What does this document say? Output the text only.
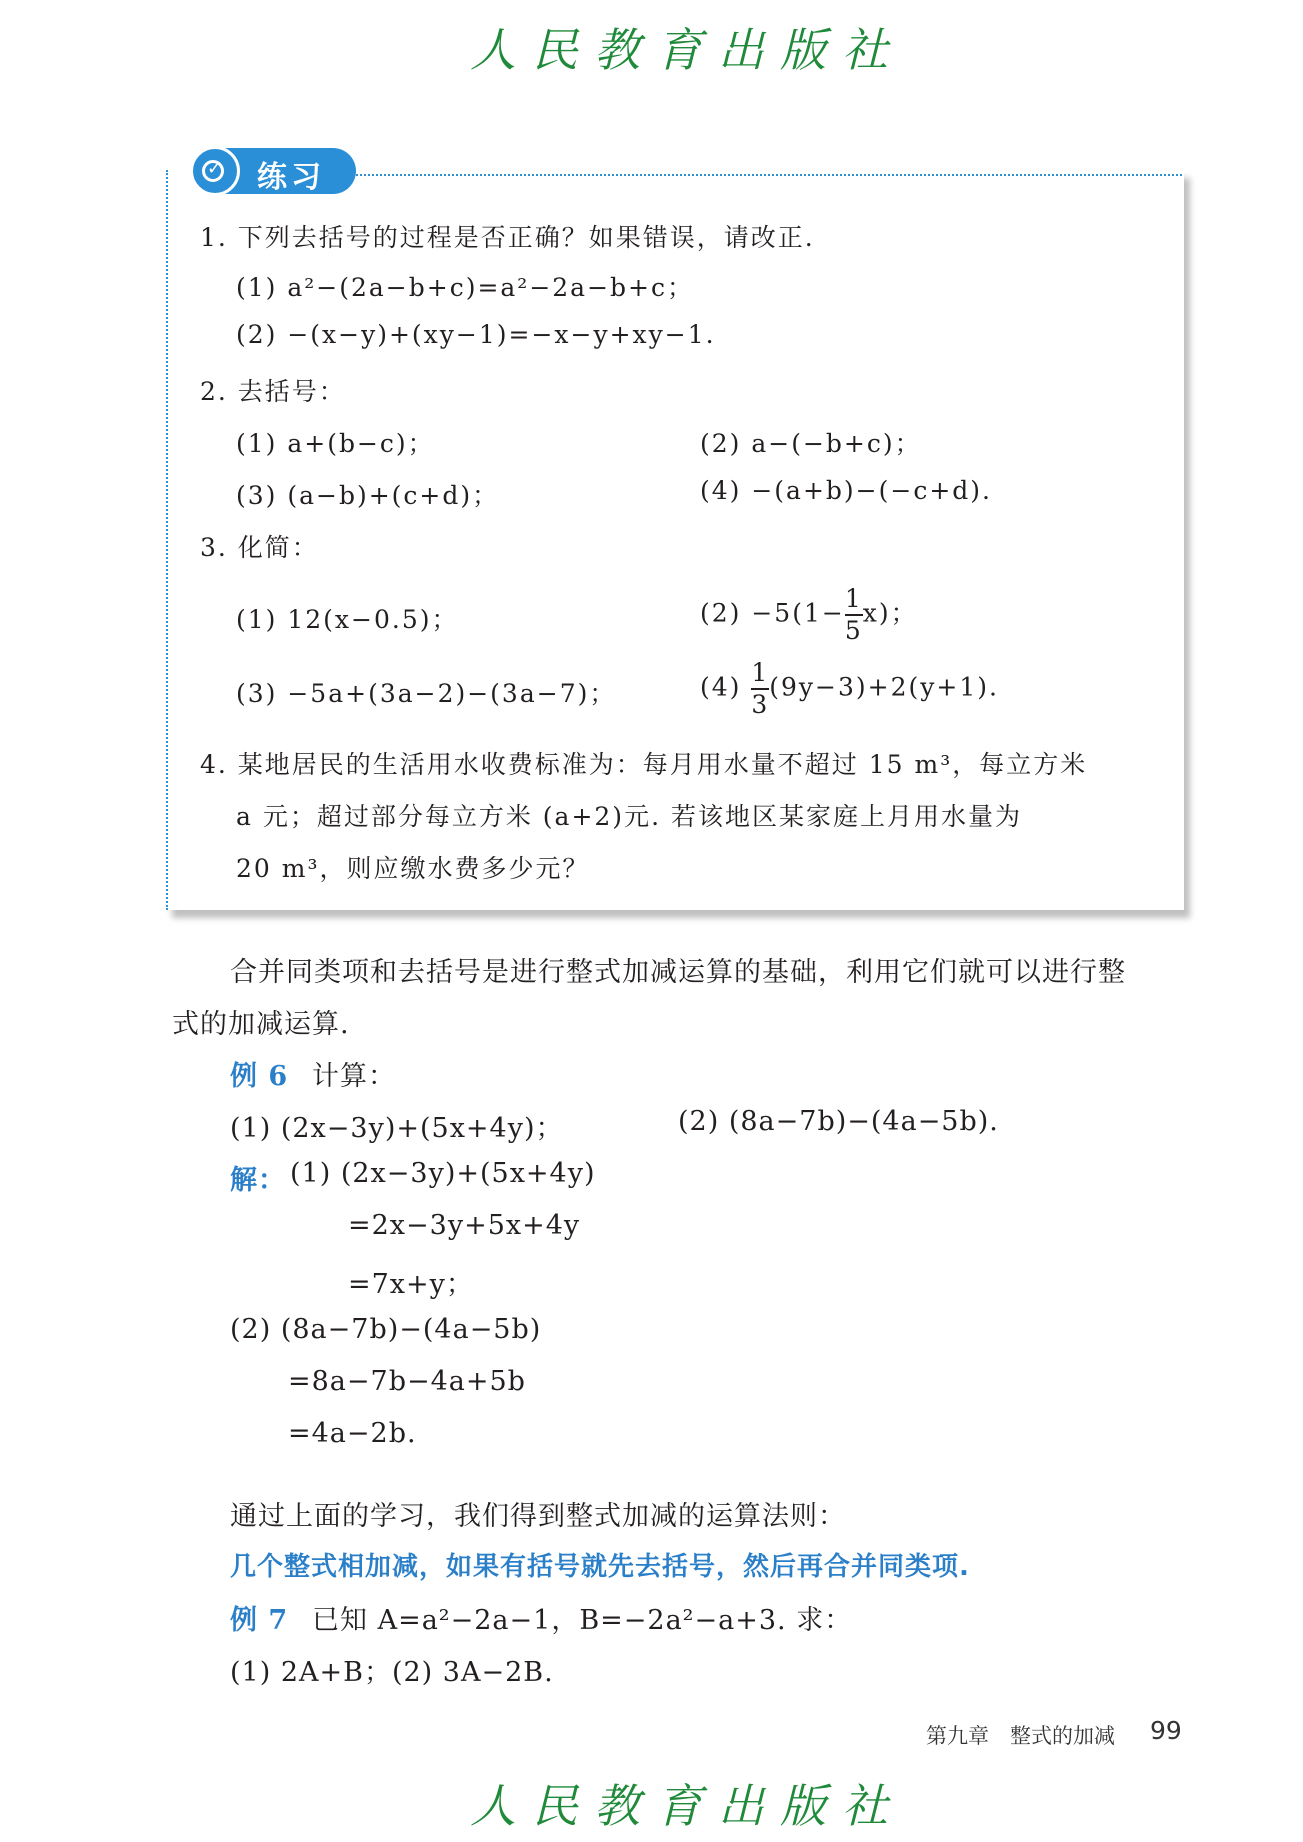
人民教育出版社
✓ 练习
1. 下列去括号的过程是否正确？如果错误，请改正.
(1) a²−(2a−b+c)=a²−2a−b+c；
(2) −(x−y)+(xy−1)=−x−y+xy−1.
2. 去括号：
(1) a+(b−c)；	(2) a−(−b+c)；
(3) (a−b)+(c+d)；	(4) −(a+b)−(−c+d).
3. 化简：
(1) 12(x−0.5)；	$(2) -5(1- \frac{1}{5} x)$；
(3) −5a+(3a−2)−(3a−7)；	$(4) \frac{1}{3} (9y-3)+2(y+1)$.
4. 某地居民的生活用水收费标准为：每月用水量不超过 15 m³，每立方米
a 元；超过部分每立方米 (a+2)元. 若该地区某家庭上月用水量为
20 m³，则应缴水费多少元？
合并同类项和去括号是进行整式加减运算的基础，利用它们就可以进行整
式的加减运算.
例 6 计算：
(1) (2x−3y)+(5x+4y)；	(2) (8a−7b)−(4a−5b).
解： (1) (2x−3y)+(5x+4y)
=2x−3y+5x+4y
=7x+y；
(2) (8a−7b)−(4a−5b)
=8a−7b−4a+5b
=4a−2b.
通过上面的学习，我们得到整式加减的运算法则：
几个整式相加减，如果有括号就先去括号，然后再合并同类项.
例 7 已知 A=a²−2a−1，B=−2a²−a+3. 求：
(1) 2A+B；(2) 3A−2B.
第九章　整式的加减 99
人民教育出版社
